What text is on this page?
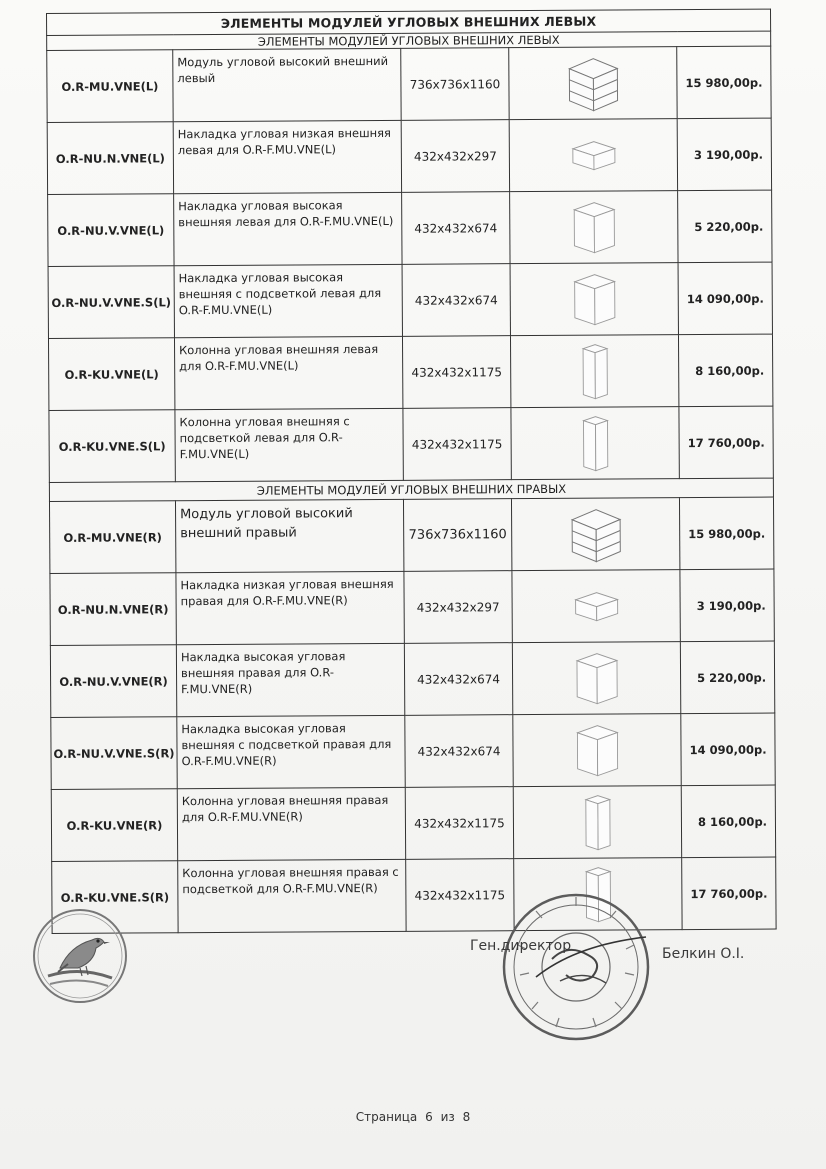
ЭЛЕМЕНТЫ МОДУЛЕЙ УГЛОВЫХ ВНЕШНИХ ЛЕВЫХ				
ЭЛЕМЕНТЫ МОДУЛЕЙ УГЛОВЫХ ВНЕШНИХ ЛЕВЫХ				
O.R-MU.VNE(L)	Модуль угловой высокий внешний левый	736x736x1160		15 980,00р.
O.R-NU.N.VNE(L)	Накладка угловая низкая внешняя левая для O.R-F.MU.VNE(L)	432x432x297		3 190,00р.
O.R-NU.V.VNE(L)	Накладка угловая высокая внешняя левая для O.R-F.MU.VNE(L)	432x432x674		5 220,00р.
O.R-NU.V.VNE.S(L)	Накладка угловая высокая внешняя с подсветкой левая для O.R-F.MU.VNE(L)	432x432x674		14 090,00р.
O.R-KU.VNE(L)	Колонна угловая внешняя левая для O.R-F.MU.VNE(L)	432x432x1175		8 160,00р.
O.R-KU.VNE.S(L)	Колонна угловая внешняя с подсветкой левая для O.R-F.MU.VNE(L)	432x432x1175		17 760,00р.
ЭЛЕМЕНТЫ МОДУЛЕЙ УГЛОВЫХ ВНЕШНИХ ПРАВЫХ				
O.R-MU.VNE(R)	Модуль угловой высокий внешний правый	736x736x1160		15 980,00р.
O.R-NU.N.VNE(R)	Накладка низкая угловая внешняя правая для O.R-F.MU.VNE(R)	432x432x297		3 190,00р.
O.R-NU.V.VNE(R)	Накладка высокая угловая внешняя правая для O.R-F.MU.VNE(R)	432x432x674		5 220,00р.
O.R-NU.V.VNE.S(R)	Накладка высокая угловая внешняя с подсветкой правая для O.R-F.MU.VNE(R)	432x432x674		14 090,00р.
O.R-KU.VNE(R)	Колонна угловая внешняя правая для O.R-F.MU.VNE(R)	432x432x1175		8 160,00р.
O.R-KU.VNE.S(R)	Колонна угловая внешняя правая с подсветкой для O.R-F.MU.VNE(R)	432x432x1175		17 760,00р.
Ген.директор	Белкин О.І.
Страница 6 из 8
